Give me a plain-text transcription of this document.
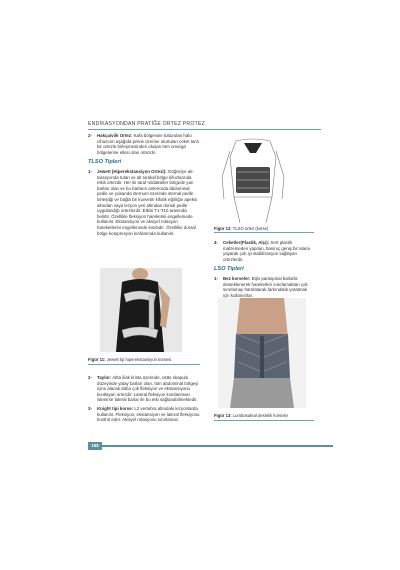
ENDİKASYONDAN PRATİĞE ORTEZ PROTEZ
2-	Hakçaiviik Ortez: Kafa bölgesine tutturulan halo cihazının aşağıda pelvis üzerine oturtulan ceket tarzı bir ortezle birleşmesinden oluşan tüm omurga bölgelerine etkisi olan ortezdir.
TLSO Tipleri
1-	Jewett (Hiperekstansiyon Ortezi): Göğüs/ye ak-tarasyonda tutan ve alt torakal bölge kifozlarında etkili ortezdir. Her iki taraf midaksiller bölgede yan barları olan ve bu barların anteriorda abdominal pedle ve yukarıda sternum üzerinde sternal pedle birleştiği ve bağla bir kuvvetin kifotik eğriliğin apeksi altından vaya lezyon yeri altından dorsal pedle uygulandığı ortezlerdir. Etkisi T1-T10 arasında belirtir. Özellikle fleksiyon hareketini engellemede kullanılır. Ekstansiyon ve aksiyel rotasyon hareketlerini engellemede kısıtlıdır. Özellikle dorsal bölge kompresyon kırıklarında kullanılır.
Figür 11: Jewett tip hiperekstansiyon korsesi
2-	Taylor: Altta iliak krista üzerinde, üstte skapula düzeyinde yatay barları olan, tüm abdominal bölgeyi içine alacak daha çok fleksiyon ve ekstansiyonu kısıtlayan ortezdir. Lateral fleksiyon kısıtlanması istenirse lateral barlar ile bu etki sağlanabilmektedir.
3-	Knight tipi korse: L2 vertebra altındaki lezyonlarda kullanılır. Fleksiyon, ekstansiyon ve lateral fleksiyonu kontrol eder. Aksiyel rotasyonu sınırlamaz.
Figür 12: TLSO ortez (korse)
4-	Ceketler(Plastik, Alçı): Sert plastik malzemeden yapılan, basınıç geniş bir alana yayarak çok iyi stabilizasyon sağlayan ortezlerdir.
LSO Tipleri
1-	Bez korseler: Bijin paraspinal barlarla desteklenerek hareketleri sınırlamaktan çok sınırlamay hatırlatarak farkındalık yaratmak için kullanılırlar.
Figür 13: Lumbosakral destekli korseler
198
